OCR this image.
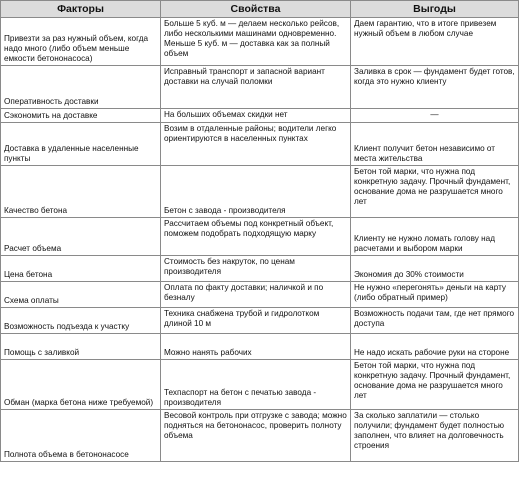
Факторы	Свойства	Выгоды
Привезти за раз нужный объем, когда надо много (либо объем меньше емкости бетононасоса)	Больше 5 куб. м — делаем несколько рейсов, либо несколькими машинами одновременно. Меньше 5 куб. м — доставка как за полный объем	Даем гарантию, что в итоге привезем нужный объем в любом случае
Оперативность доставки	Исправный транспорт и запасной вариант доставки на случай поломки	Заливка в срок — фундамент будет готов, когда это нужно клиенту
Сэкономить на доставке	На больших объемах скидки нет	—
Доставка в удаленные населенные пункты	Возим в отдаленные районы; водители легко ориентируются в населенных пунктах	Клиент получит бетон независимо от места жительства
Качество бетона	Бетон с завода - производителя	Бетон той марки, что нужна под конкретную задачу. Прочный фундамент, основание дома не разрушается много лет
Расчет объема	Рассчитаем объемы под конкретный объект, поможем подобрать подходящую марку	Клиенту не нужно ломать голову над расчетами и выбором марки
Цена бетона	Стоимость без накруток, по ценам производителя	Экономия до 30% стоимости
Схема оплаты	Оплата по факту доставки; наличкой и по безналу	Не нужно «перегонять» деньги на карту (либо обратный пример)
Возможность подъезда к участку	Техника снабжена трубой и гидролотком длиной 10 м	Возможность подачи там, где нет прямого доступа
Помощь с заливкой	Можно нанять рабочих	Не надо искать рабочие руки на стороне
Обман (марка бетона ниже требуемой)	Техпаспорт на бетон с печатью завода - производителя	Бетон той марки, что нужна под конкретную задачу. Прочный фундамент, основание дома не разрушается много лет
Полнота объема в бетононасосе	Весовой контроль при отгрузке с завода; можно подняться на бетононасос, проверить полноту объема	За сколько заплатили — столько получили; фундамент будет полностью заполнен, что влияет на долговечность строения
